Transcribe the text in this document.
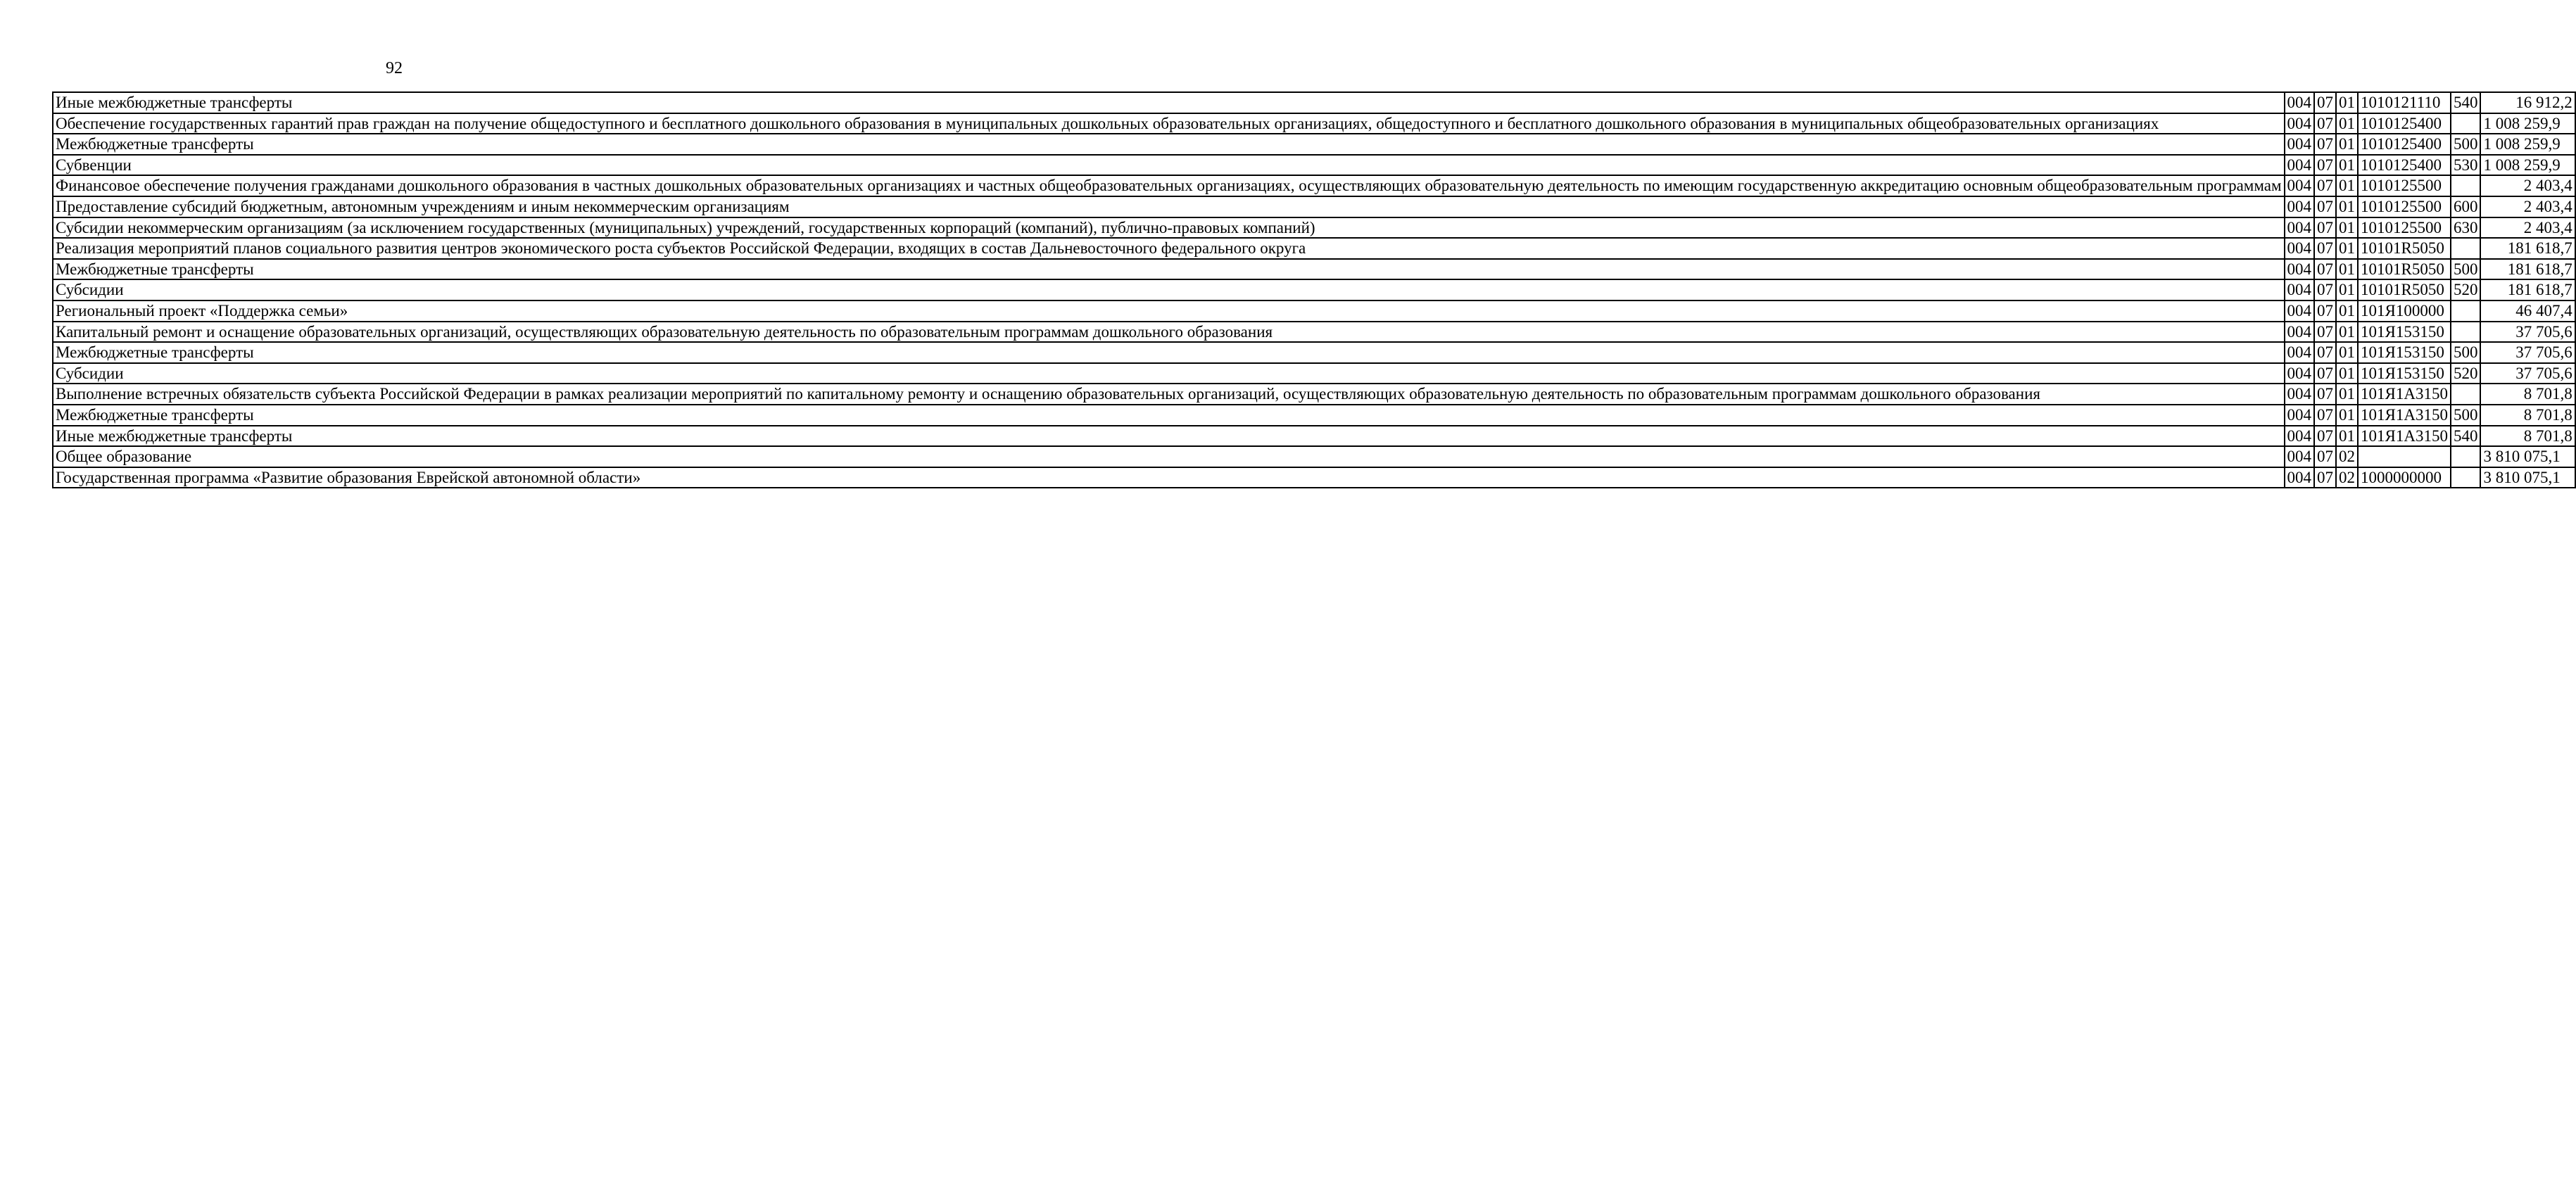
92
Иные межбюджетные трансферты	004	07	01	1010121110	540	16 912,2
Обеспечение государственных гарантий прав граждан на получение общедоступного и бесплатного дошкольного образования в муниципальных дошкольных образовательных организациях, общедоступного и бесплатного дошкольного образования в муниципальных общеобразовательных организациях	004	07	01	1010125400		1 008 259,9
Межбюджетные трансферты	004	07	01	1010125400	500	1 008 259,9
Субвенции	004	07	01	1010125400	530	1 008 259,9
Финансовое обеспечение получения гражданами дошкольного образования в частных дошкольных образовательных организациях и частных общеобразовательных организациях, осуществляющих образовательную деятельность по имеющим государственную аккредитацию основным общеобразовательным программам	004	07	01	1010125500		2 403,4
Предоставление субсидий бюджетным, автономным учреждениям и иным некоммерческим организациям	004	07	01	1010125500	600	2 403,4
Субсидии некоммерческим организациям (за исключением государственных (муниципальных) учреждений, государственных корпораций (компаний), публично-правовых компаний)	004	07	01	1010125500	630	2 403,4
Реализация мероприятий планов социального развития центров экономического роста субъектов Российской Федерации, входящих в состав Дальневосточного федерального округа	004	07	01	10101R5050		181 618,7
Межбюджетные трансферты	004	07	01	10101R5050	500	181 618,7
Субсидии	004	07	01	10101R5050	520	181 618,7
Региональный проект «Поддержка семьи»	004	07	01	101Я100000		46 407,4
Капитальный ремонт и оснащение образовательных организаций, осуществляющих образовательную деятельность по образовательным программам дошкольного образования	004	07	01	101Я153150		37 705,6
Межбюджетные трансферты	004	07	01	101Я153150	500	37 705,6
Субсидии	004	07	01	101Я153150	520	37 705,6
Выполнение встречных обязательств субъекта Российской Федерации в рамках реализации мероприятий по капитальному ремонту и оснащению образовательных организаций, осуществляющих образовательную деятельность по образовательным программам дошкольного образования	004	07	01	101Я1А3150		8 701,8
Межбюджетные трансферты	004	07	01	101Я1А3150	500	8 701,8
Иные межбюджетные трансферты	004	07	01	101Я1А3150	540	8 701,8
Общее образование	004	07	02			3 810 075,1
Государственная программа «Развитие образования Еврейской автономной области»	004	07	02	1000000000		3 810 075,1
